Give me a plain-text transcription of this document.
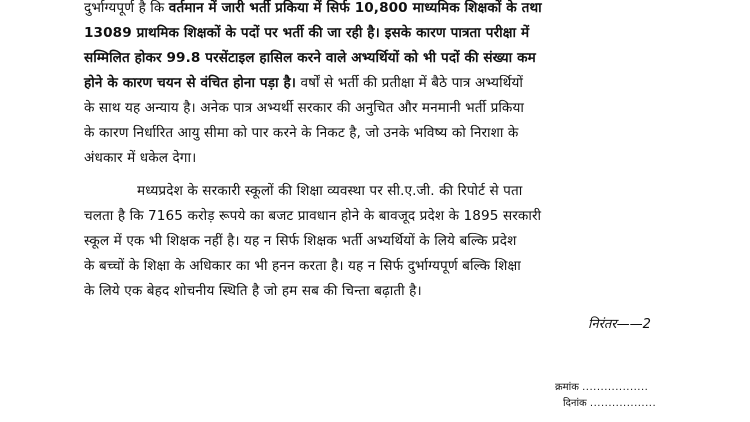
दुर्भाग्यपूर्ण है कि वर्तमान में जारी भर्ती प्रकिया में सिर्फ 10,800 माध्यमिक शिक्षकों के तथा
13089 प्राथमिक शिक्षकों के पदों पर भर्ती की जा रही है। इसके कारण पात्रता परीक्षा में
सम्मिलित होकर 99.8 परसेंटाइल हासिल करने वाले अभ्यर्थियों को भी पदों की संख्या कम
होने के कारण चयन से वंचित होना पड़ा है। वर्षों से भर्ती की प्रतीक्षा में बैठे पात्र अभ्यर्थियों
के साथ यह अन्याय है। अनेक पात्र अभ्यर्थी सरकार की अनुचित और मनमानी भर्ती प्रकिया
के कारण निर्धारित आयु सीमा को पार करने के निकट है, जो उनके भविष्य को निराशा के
अंधकार में धकेल देगा।
मध्यप्रदेश के सरकारी स्कूलों की शिक्षा व्यवस्था पर सी.ए.जी. की रिपोर्ट से पता
चलता है कि 7165 करोड़ रूपये का बजट प्रावधान होने के बावजूद प्रदेश के 1895 सरकारी
स्कूल में एक भी शिक्षक नहीं है। यह न सिर्फ शिक्षक भर्ती अभ्यर्थियों के लिये बल्कि प्रदेश
के बच्चों के शिक्षा के अधिकार का भी हनन करता है। यह न सिर्फ दुर्भाग्यपूर्ण बल्कि शिक्षा
के लिये एक बेहद शोचनीय स्थिति है जो हम सब की चिन्ता बढ़ाती है।
निरंतर——2
क्रमांक ..................
दिनांक ..................
